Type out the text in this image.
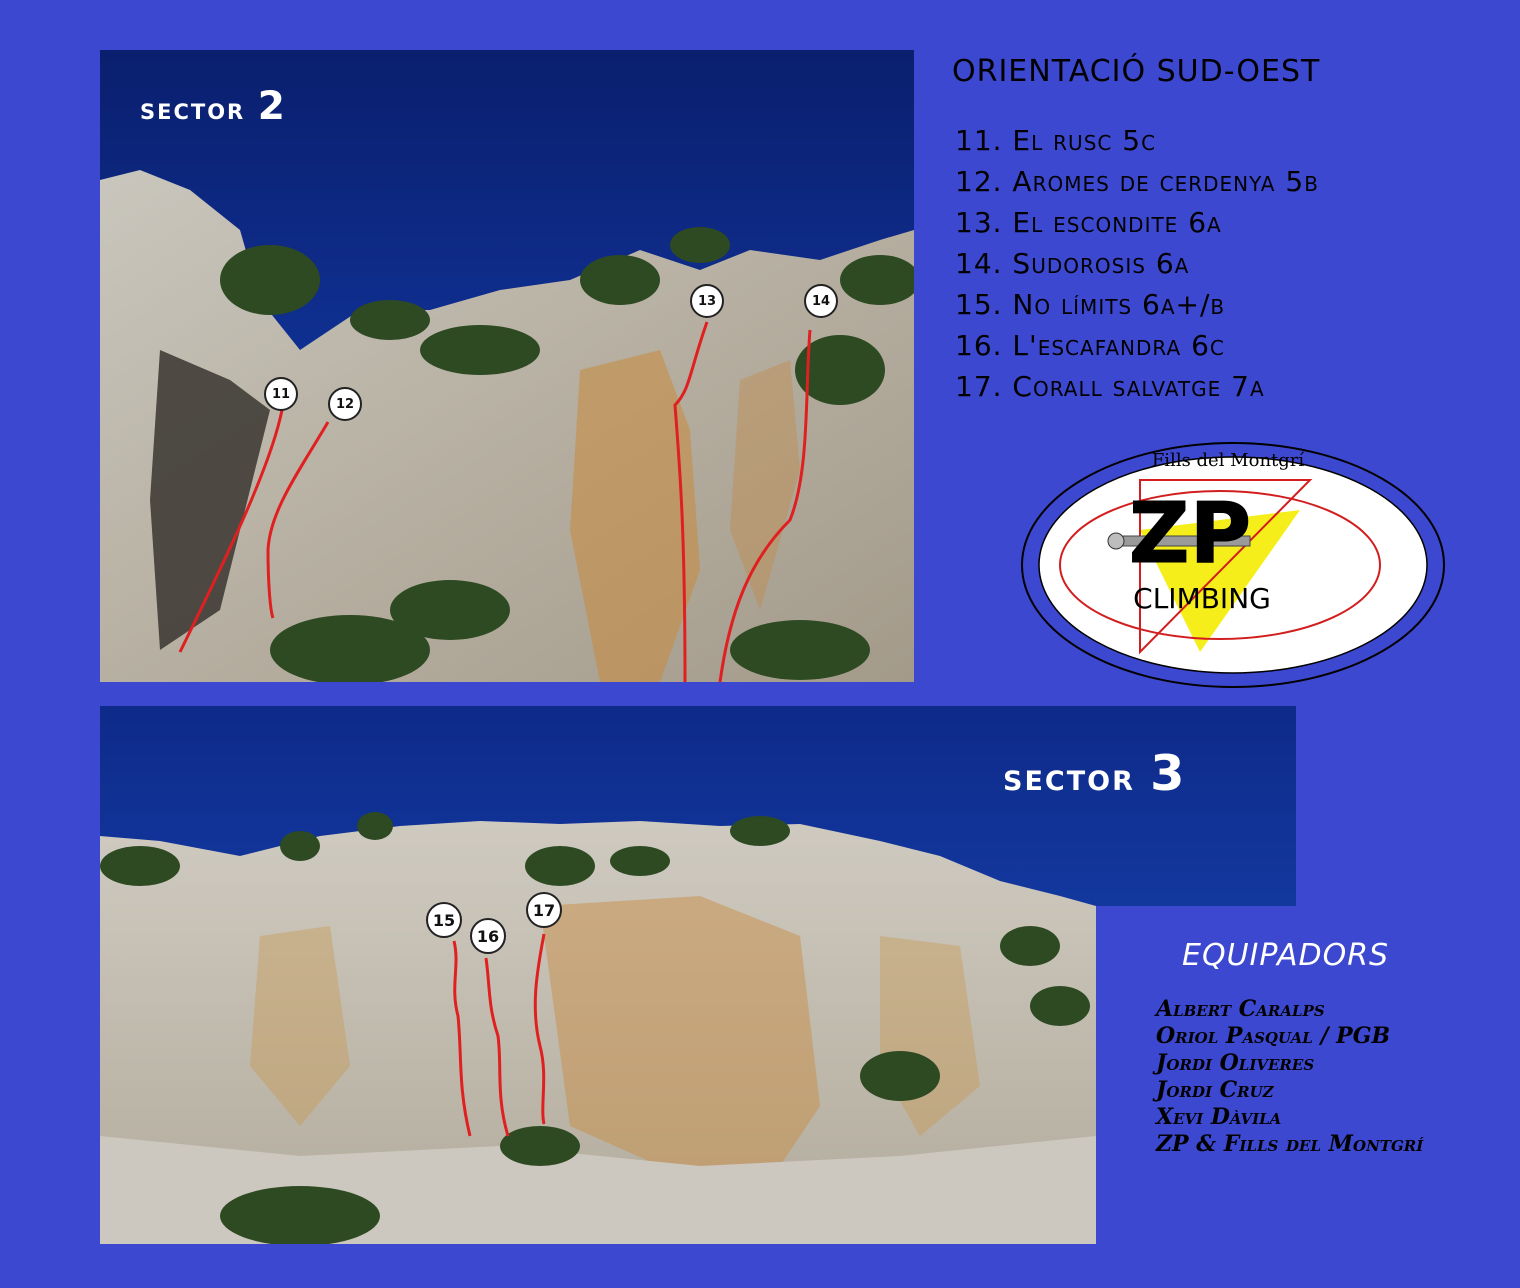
sector 2
11
12
13	14
sector 3
15
16
17
ORIENTACIÓ SUD-OEST
11. El rusc 5c
12. Aromes de cerdenya 5b
13. El escondite 6a
14. Sudorosis 6a
15. No límits 6a+/b
16. L'escafandra 6c
17. Corall salvatge 7a
Fills del Montgrí
ZP
CLIMBING
EQUIPADORS
Albert Caralps
Oriol Pasqual / PGB
Jordi Oliveres
Jordi Cruz
Xevi Dàvila
ZP & Fills del Montgrí
